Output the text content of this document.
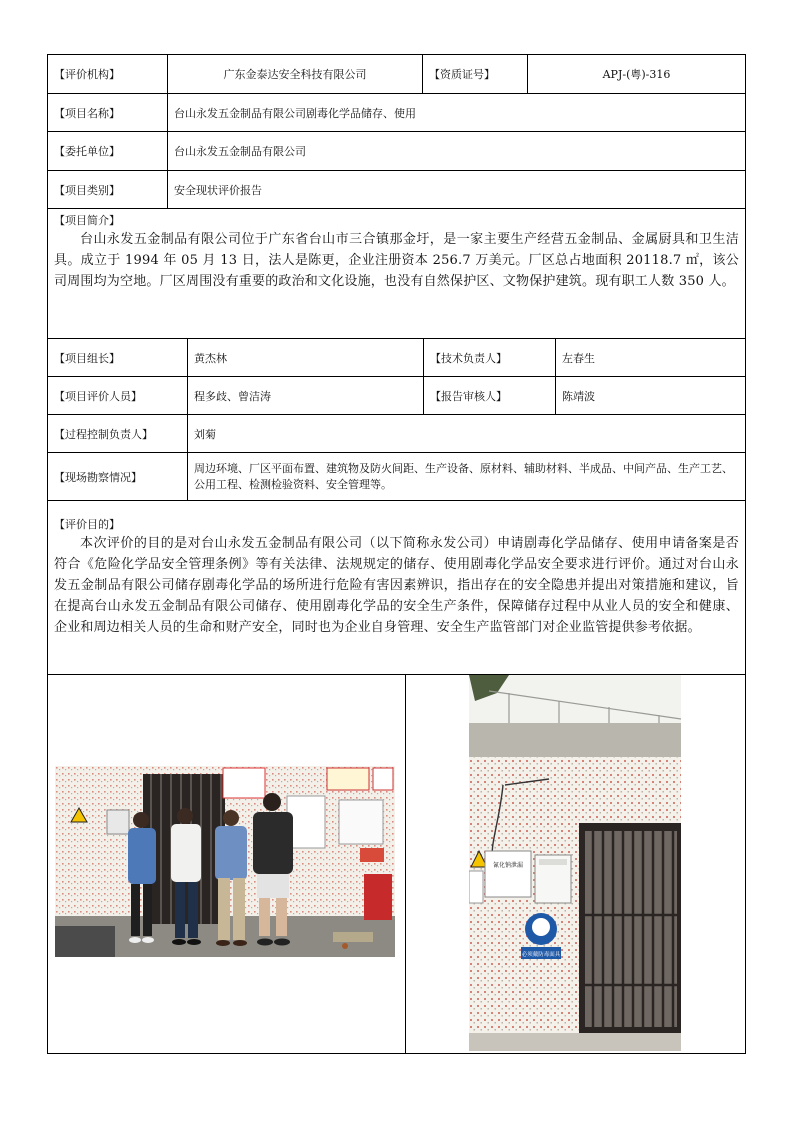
【评价机构】	广东金泰达安全科技有限公司	【资质证号】	APJ-(粤)-316
【项目名称】	台山永发五金制品有限公司剧毒化学品储存、使用
【委托单位】	台山永发五金制品有限公司
【项目类别】	安全现状评价报告
【项目简介】
台山永发五金制品有限公司位于广东省台山市三合镇那金圩，是一家主要生产经营五金制品、金属厨具和卫生洁具。成立于 1994 年 05 月 13 日，法人是陈更，企业注册资本 256.7 万美元。厂区总占地面积 20118.7 ㎡，该公司周围均为空地。厂区周围没有重要的政治和文化设施，也没有自然保护区、文物保护建筑。现有职工人数 350 人。
【项目组长】	黄杰林	【技术负责人】	左春生
【项目评价人员】	程多歧、曾洁涛	【报告审核人】	陈靖波
【过程控制负责人】	刘菊
【现场勘察情况】
周边环境、厂区平面布置、建筑物及防火间距、生产设备、原材料、辅助材料、半成品、中间产品、生产工艺、公用工程、检测检验资料、安全管理等。
【评价目的】
本次评价的目的是对台山永发五金制品有限公司（以下简称永发公司）申请剧毒化学品储存、使用申请备案是否符合《危险化学品安全管理条例》等有关法律、法规规定的储存、使用剧毒化学品安全要求进行评价。通过对台山永发五金制品有限公司储存剧毒化学品的场所进行危险有害因素辨识，指出存在的安全隐患并提出对策措施和建议，旨在提高台山永发五金制品有限公司储存、使用剧毒化学品的安全生产条件，保障储存过程中从业人员的安全和健康、企业和周边相关人员的生命和财产安全，同时也为企业自身管理、安全生产监管部门对企业监管提供参考依据。
氰化钠泄漏
必须戴防毒面具
